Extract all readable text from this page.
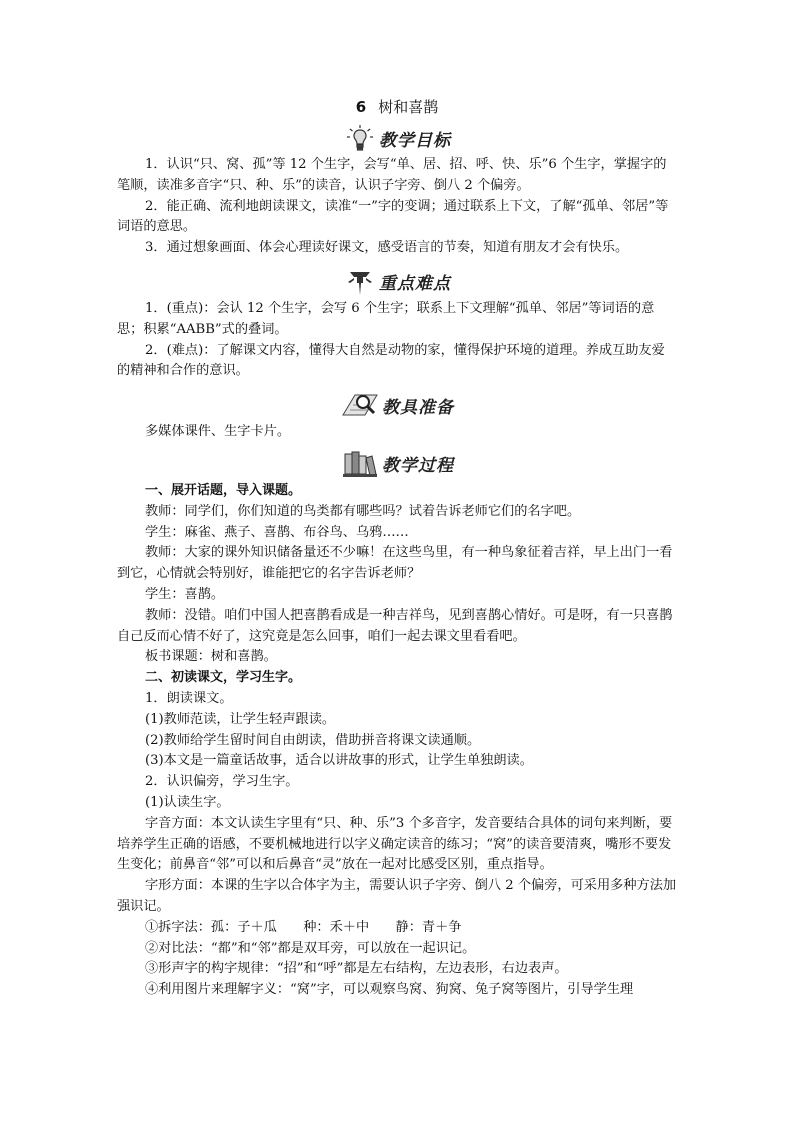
6 树和喜鹊
教学目标

1．认识“只、窝、孤”等 12 个生字，会写“单、居、招、呼、快、乐”6 个生字，掌握字的笔顺，读准多音字“只、种、乐”的读音，认识子字旁、倒八 2 个偏旁。

2．能正确、流利地朗读课文，读准“一”字的变调；通过联系上下文，了解“孤单、邻居”等词语的意思。

3．通过想象画面、体会心理读好课文，感受语言的节奏，知道有朋友才会有快乐。

重点难点

1．(重点)：会认 12 个生字，会写 6 个生字；联系上下文理解“孤单、邻居”等词语的意思；积累“AABB”式的叠词。

2．(难点)：了解课文内容，懂得大自然是动物的家，懂得保护环境的道理。养成互助友爱的精神和合作的意识。

教具准备

多媒体课件、生字卡片。

教学过程

一、展开话题，导入课题。

教师：同学们，你们知道的鸟类都有哪些吗？试着告诉老师它们的名字吧。

学生：麻雀、燕子、喜鹊、布谷鸟、乌鸦……

教师：大家的课外知识储备量还不少嘛！在这些鸟里，有一种鸟象征着吉祥，早上出门一看到它，心情就会特别好，谁能把它的名字告诉老师？

学生：喜鹊。

教师：没错。咱们中国人把喜鹊看成是一种吉祥鸟，见到喜鹊心情好。可是呀，有一只喜鹊自己反而心情不好了，这究竟是怎么回事，咱们一起去课文里看看吧。

板书课题：树和喜鹊。

二、初读课文，学习生字。

1．朗读课文。

(1)教师范读，让学生轻声跟读。

(2)教师给学生留时间自由朗读，借助拼音将课文读通顺。

(3)本文是一篇童话故事，适合以讲故事的形式，让学生单独朗读。

2．认识偏旁，学习生字。

(1)认读生字。

字音方面：本文认读生字里有“只、种、乐”3 个多音字，发音要结合具体的词句来判断，要培养学生正确的语感，不要机械地进行以字义确定读音的练习；“窝”的读音要清爽，嘴形不要发生变化；前鼻音“邻”可以和后鼻音“灵”放在一起对比感受区别，重点指导。

字形方面：本课的生字以合体字为主，需要认识子字旁、倒八 2 个偏旁，可采用多种方法加强识记。

①拆字法：孤：子＋瓜　　种：禾＋中　　静：青＋争

②对比法：“都”和“邻”都是双耳旁，可以放在一起识记。

③形声字的构字规律：“招”和“呼”都是左右结构，左边表形，右边表声。

④利用图片来理解字义：“窝”字，可以观察鸟窝、狗窝、兔子窝等图片，引导学生理
